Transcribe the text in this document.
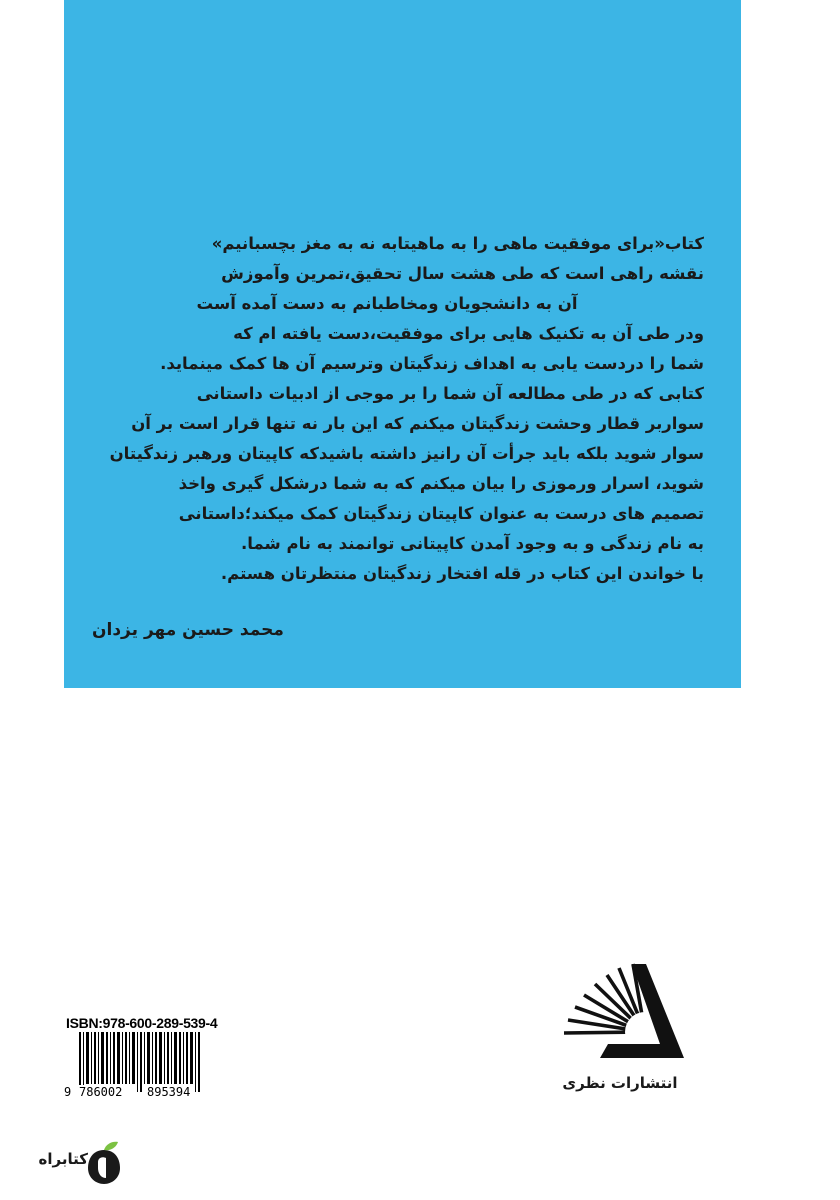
کتاب«برای موفقیت ماهی را به ماهیتابه نه به مغز بچسبانیم»
نقشه راهی است که طی هشت سال تحقیق،تمرین وآموزش
آن به دانشجویان ومخاطبانم به دست آمده آست
ودر طی آن به تکنیک هایی برای موفقیت،دست یافته ام که
شما را دردست یابی به اهداف زندگیتان وترسیم آن ها کمک مینماید.
کتابی که در طی مطالعه آن شما را بر موجی از ادبیات داستانی
سواربر قطار وحشت زندگیتان میکنم که این بار نه تنها قرار است بر آن
سوار شوید بلکه باید جرأت آن رانیز داشته باشیدکه کاپیتان ورهبر زندگیتان
شوید، اسرار ورموزی را بیان میکنم که به شما درشکل گیری واخذ
تصمیم های درست به عنوان کاپیتان زندگیتان کمک میکند؛داستانی
به نام زندگی و به وجود آمدن کاپیتانی توانمند به نام شما.
با خواندن این کتاب در قله افتخار زندگیتان منتظرتان هستم.
محمد حسین مهر یزدان
انتشارات نظری
ISBN:978-600-289-539-4
9 786002 895394
کتابراه
